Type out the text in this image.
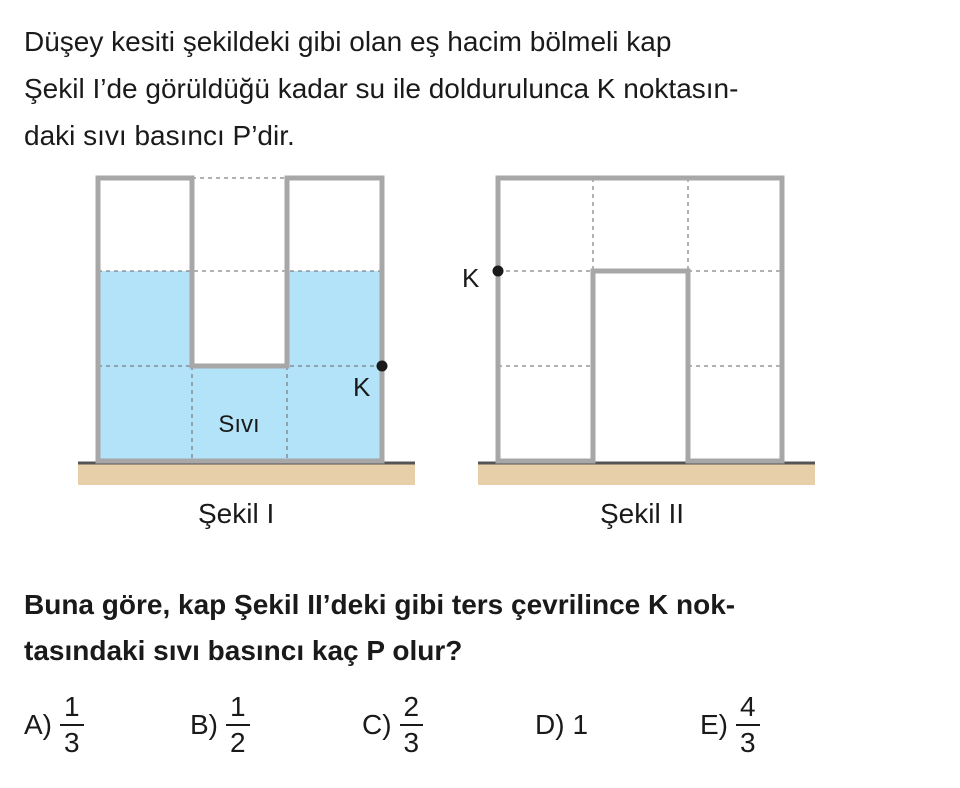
Düşey kesiti şekildeki gibi olan eş hacim bölmeli kap
Şekil I’de görüldüğü kadar su ile doldurulunca K noktasın-
daki sıvı basıncı P’dir.
K
Sıvı
K
Şekil I	Şekil II
Buna göre, kap Şekil II’deki gibi ters çevrilince K nok-
tasındaki sıvı basıncı kaç P olur?
$A) \frac{1}{3}$	$B) \frac{1}{2}$	$C) \frac{2}{3}$	D) 1	$E) \frac{4}{3}$
